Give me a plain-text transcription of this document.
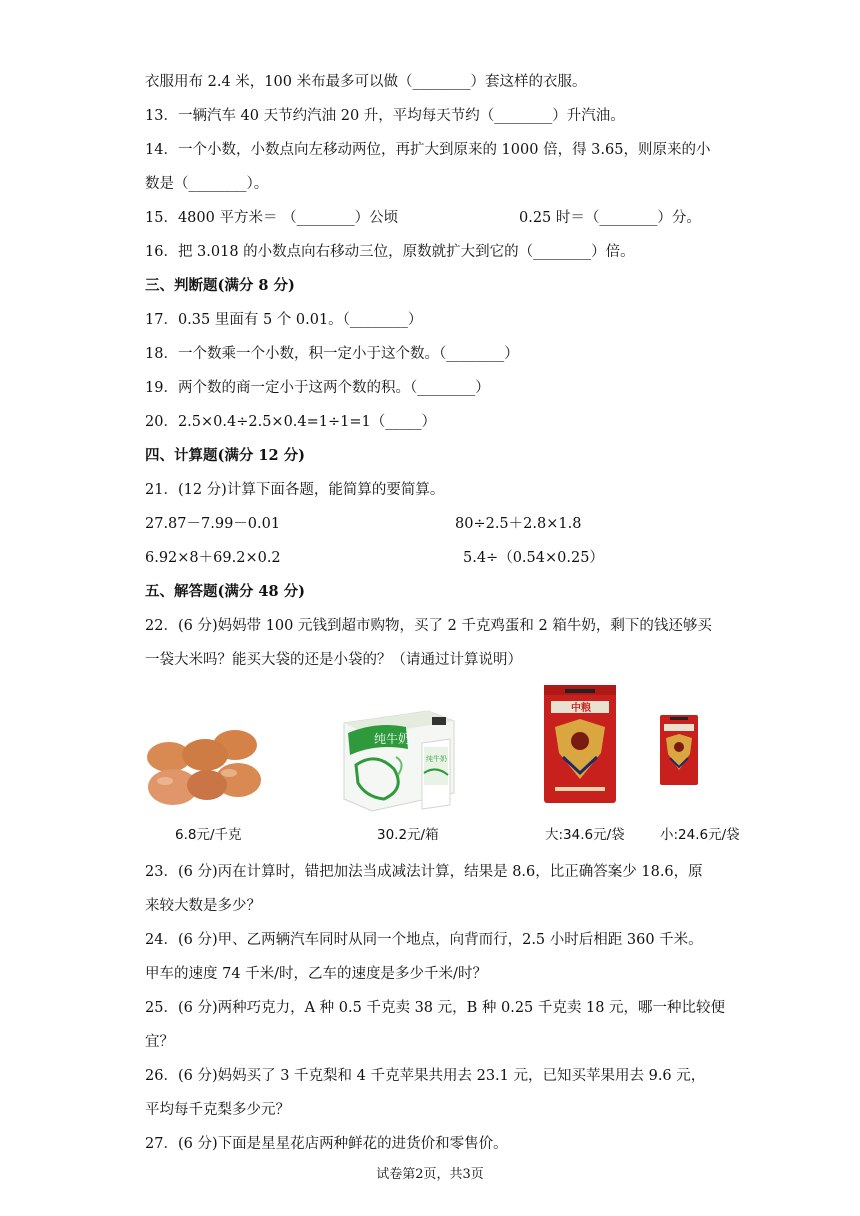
衣服用布 2.4 米，100 米布最多可以做（________）套这样的衣服。
13．一辆汽车 40 天节约汽油 20 升，平均每天节约（________）升汽油。
14．一个小数，小数点向左移动两位，再扩大到原来的 1000 倍，得 3.65，则原来的小
数是（________）。
15．4800 平方米＝ （________）公顷	0.25 时＝（________）分。
16．把 3.018 的小数点向右移动三位，原数就扩大到它的（________）倍。
三、判断题(满分 8 分)
17．0.35 里面有 5 个 0.01。（________）
18．一个数乘一个小数，积一定小于这个数。（________）
19．两个数的商一定小于这两个数的积。（________）
20．2.5×0.4÷2.5×0.4=1÷1=1（_____）
四、计算题(满分 12 分)
21．(12 分)计算下面各题，能简算的要简算。
27.87－7.99－0.01	80÷2.5＋2.8×1.8
6.92×8＋69.2×0.2	5.4÷（0.54×0.25）
五、解答题(满分 48 分)
22．(6 分)妈妈带 100 元钱到超市购物，买了 2 千克鸡蛋和 2 箱牛奶，剩下的钱还够买
一袋大米吗？能买大袋的还是小袋的？（请通过计算说明）
纯牛奶
纯牛奶
中粮
6.8元/千克	30.2元/箱	大:34.6元/袋	小:24.6元/袋
23．(6 分)丙在计算时，错把加法当成减法计算，结果是 8.6，比正确答案少 18.6，原
来较大数是多少？
24．(6 分)甲、乙两辆汽车同时从同一个地点，向背而行，2.5 小时后相距 360 千米。
甲车的速度 74 千米/时，乙车的速度是多少千米/时？
25．(6 分)两种巧克力，A 种 0.5 千克卖 38 元，B 种 0.25 千克卖 18 元，哪一种比较便
宜？
26．(6 分)妈妈买了 3 千克梨和 4 千克苹果共用去 23.1 元，已知买苹果用去 9.6 元，
平均每千克梨多少元？
27．(6 分)下面是星星花店两种鲜花的进货价和零售价。
试卷第2页，共3页
